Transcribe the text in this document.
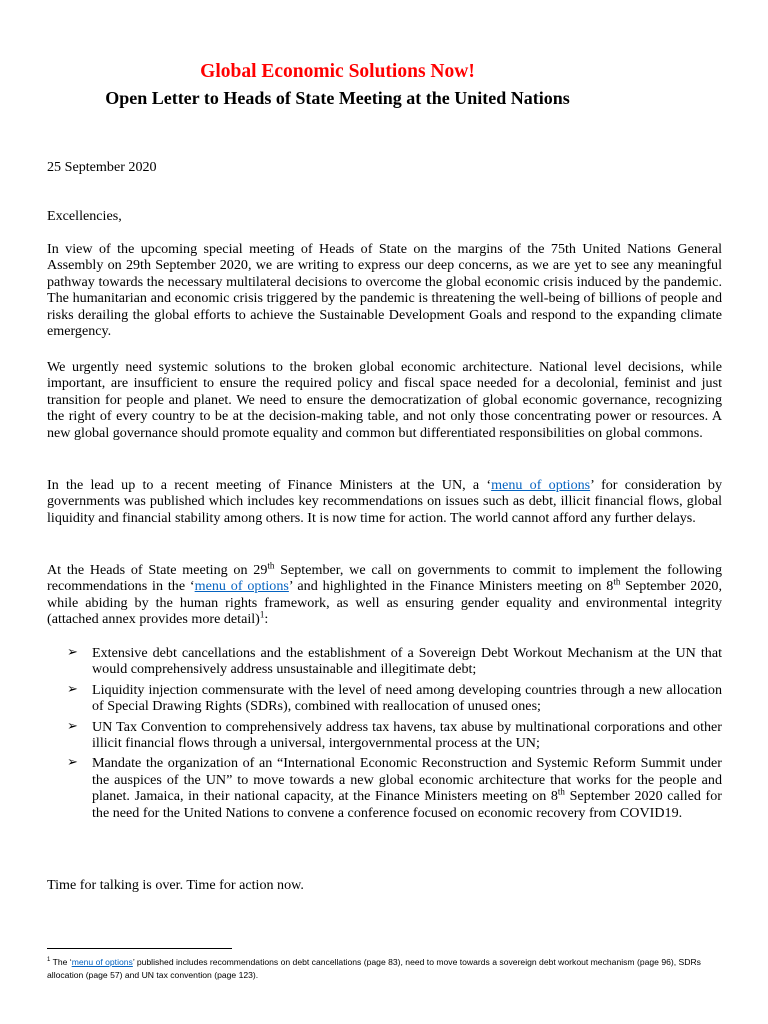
Global Economic Solutions Now!
Open Letter to Heads of State Meeting at the United Nations

25 September 2020

Excellencies,

In view of the upcoming special meeting of Heads of State on the margins of the 75th United Nations General Assembly on 29th September 2020, we are writing to express our deep concerns, as we are yet to see any meaningful pathway towards the necessary multilateral decisions to overcome the global economic crisis induced by the pandemic. The humanitarian and economic crisis triggered by the pandemic is threatening the well-being of billions of people and risks derailing the global efforts to achieve the Sustainable Development Goals and respond to the expanding climate emergency.

We urgently need systemic solutions to the broken global economic architecture. National level decisions, while important, are insufficient to ensure the required policy and fiscal space needed for a decolonial, feminist and just transition for people and planet. We need to ensure the democratization of global economic governance, recognizing the right of every country to be at the decision-making table, and not only those concentrating power or resources. A new global governance should promote equality and common but differentiated responsibilities on global commons.

In the lead up to a recent meeting of Finance Ministers at the UN, a ‘menu of options’ for consideration by governments was published which includes key recommendations on issues such as debt, illicit financial flows, global liquidity and financial stability among others. It is now time for action. The world cannot afford any further delays.

At the Heads of State meeting on 29th September, we call on governments to commit to implement the following recommendations in the ‘menu of options’ and highlighted in the Finance Ministers meeting on 8th September 2020, while abiding by the human rights framework, as well as ensuring gender equality and environmental integrity (attached annex provides more detail)$^1$:

➢ Extensive debt cancellations and the establishment of a Sovereign Debt Workout Mechanism at the UN that would comprehensively address unsustainable and illegitimate debt;
➢ Liquidity injection commensurate with the level of need among developing countries through a new allocation of Special Drawing Rights (SDRs), combined with reallocation of unused ones;
➢ UN Tax Convention to comprehensively address tax havens, tax abuse by multinational corporations and other illicit financial flows through a universal, intergovernmental process at the UN;
➢ Mandate the organization of an “International Economic Reconstruction and Systemic Reform Summit under the auspices of the UN” to move towards a new global economic architecture that works for the people and planet. Jamaica, in their national capacity, at the Finance Ministers meeting on 8th September 2020 called for the need for the United Nations to convene a conference focused on economic recovery from COVID19.

Time for talking is over. Time for action now.

$^1$ The ‘menu of options’ published includes recommendations on debt cancellations (page 83), need to move towards a sovereign debt workout mechanism (page 96), SDRs allocation (page 57) and UN tax convention (page 123).
